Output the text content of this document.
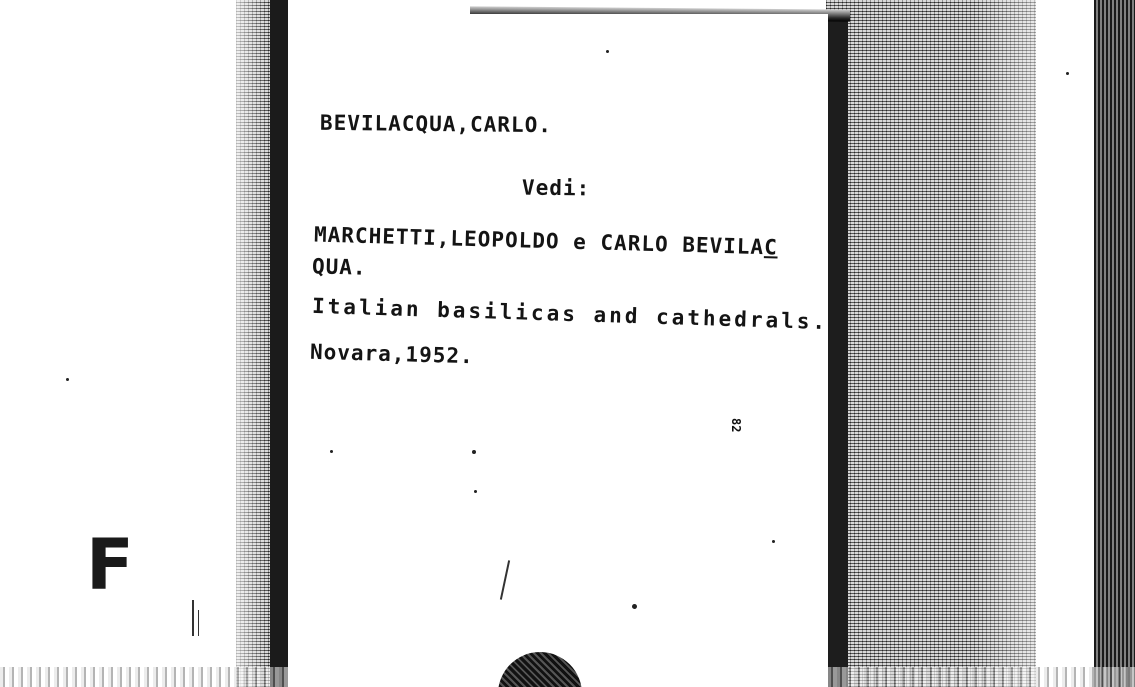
BEVILACQUA,CARLO.
Vedi:
MARCHETTI,LEOPOLDO e CARLO BEVILAC
QUA.
Italian basilicas and cathedrals.
Novara,1952.
82
F
